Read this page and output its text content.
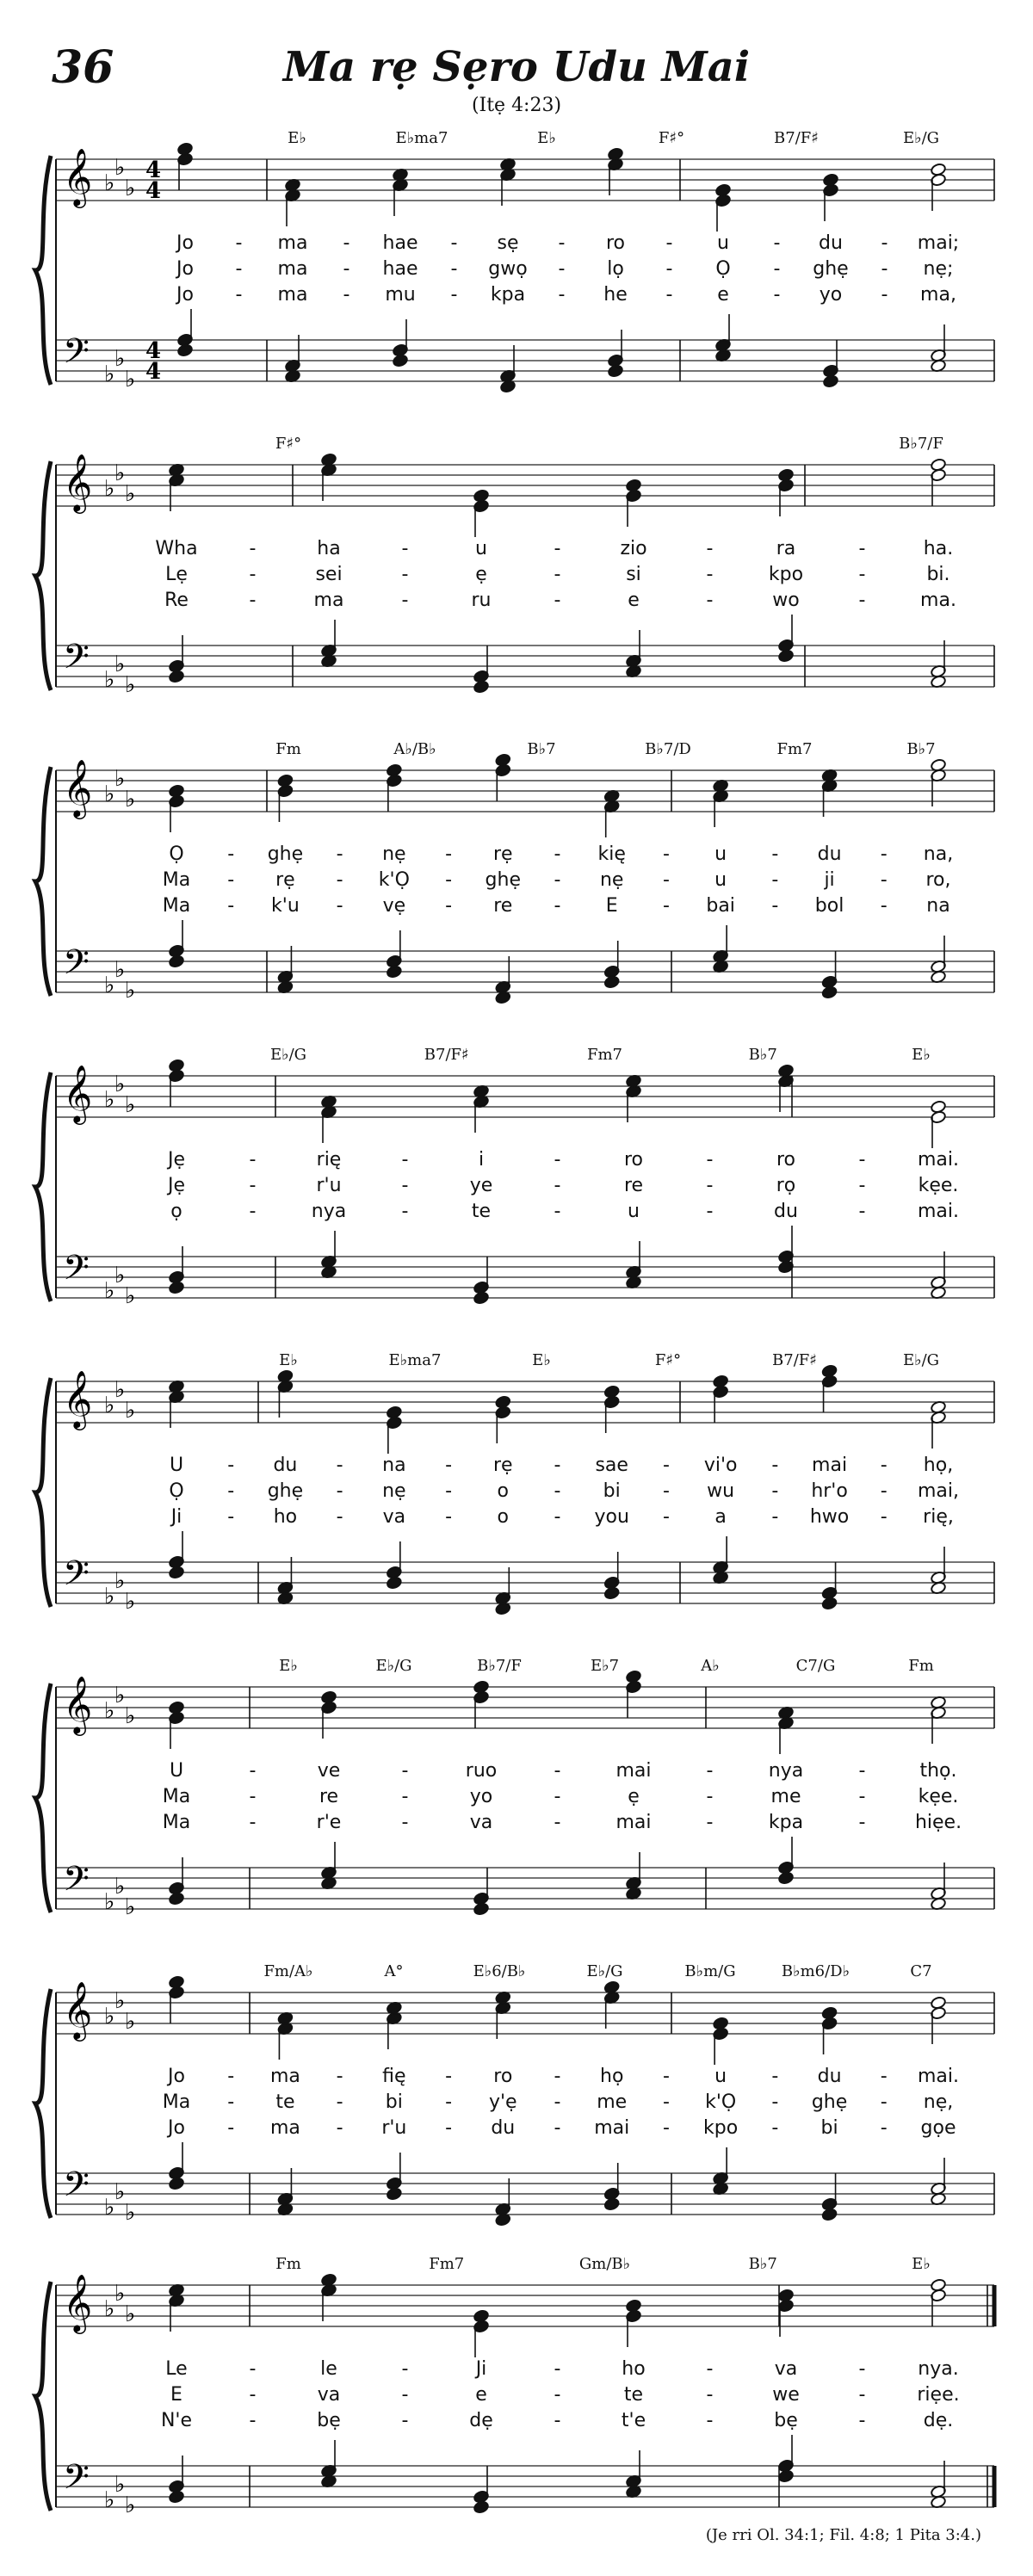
36	Ma rẹ Sẹro Udu Mai
(Itẹ 4:23)
𝄞
𝄢
♭
♭
♭
♭
♭
♭
4
4
4
4
E♭	E♭ma7	E♭	F♯°	B7/F♯	E♭/G
Jo - ma - hae - sẹ - ro - u - du - mai;
Jo - ma - hae - gwọ - lọ - Ọ - ghẹ - nẹ;
Jo - ma - mu - kpa - he - e - yo - ma,
𝄞
𝄢
♭
♭
♭
♭
♭
♭
F♯°	B♭7/F
Wha	-	ha	-	u	-	zio	-	ra	-	ha.
Lẹ	-	sei	-	ẹ	-	si	-	kpo	-	bi.
Re	-	ma	-	ru	-	e	-	wo	-	ma.
𝄞
𝄢
♭
♭
♭
♭
♭
♭
Fm	A♭/B♭	B♭7	B♭7/D	Fm7	B♭7
Ọ - ghẹ - nẹ - rẹ - kię - u - du - na,
Ma - rẹ - k'Ọ - ghẹ - nẹ - u - ji - ro,
Ma - k'u - vẹ - re - E - bai - bol - na
𝄞
𝄢
♭
♭
♭
♭
♭
♭
E♭/G	B7/F♯	Fm7	B♭7	E♭
Jẹ	-	rię	-	i	-	ro	-	ro	-	mai.
Jẹ	-	r'u	-	ye	-	re	-	rọ	-	kẹe.
ọ	-	nya	-	te	-	u	-	du	-	mai.
𝄞
𝄢
♭
♭
♭
♭
♭
♭
E♭	E♭ma7	E♭	F♯°	B7/F♯	E♭/G
U - du - na - rẹ - sae - vi'o - mai - họ,
Ọ - ghẹ - nẹ - o - bi - wu - hr'o - mai,
Ji - ho - va - o - you - a - hwo - rię,
𝄞
𝄢
♭
♭
♭
♭
♭
♭
E♭	E♭/G	B♭7/F	E♭7	A♭	C7/G	Fm
U	-	ve	-	ruo	-	mai	-	nya	-	thọ.
Ma	-	re	-	yo	-	ẹ	-	me	-	kẹe.
Ma	-	r'e	-	va	-	mai	-	kpa	-	hiẹe.
𝄞
𝄢
♭
♭
♭
♭
♭
♭
Fm/A♭	A°	E♭6/B♭	E♭/G	B♭m/G	B♭m6/D♭	C7
Jo - ma - fię - ro - họ - u - du - mai.
Ma - te - bi - y'ẹ - me - k'Ọ - ghẹ - nẹ,
Jo - ma - r'u - du - mai - kpo - bi - gọe
𝄞
𝄢
♭
♭
♭
♭
♭
♭
Fm	Fm7	Gm/B♭	B♭7	E♭
Le	-	le	-	Ji	-	ho	-	va	-	nya.
E	-	va	-	e	-	te	-	we	-	riẹe.
N'e	-	bẹ	-	dẹ	-	t'e	-	bẹ	-	dẹ.
(Je rri Ol. 34:1; Fil. 4:8; 1 Pita 3:4.)
